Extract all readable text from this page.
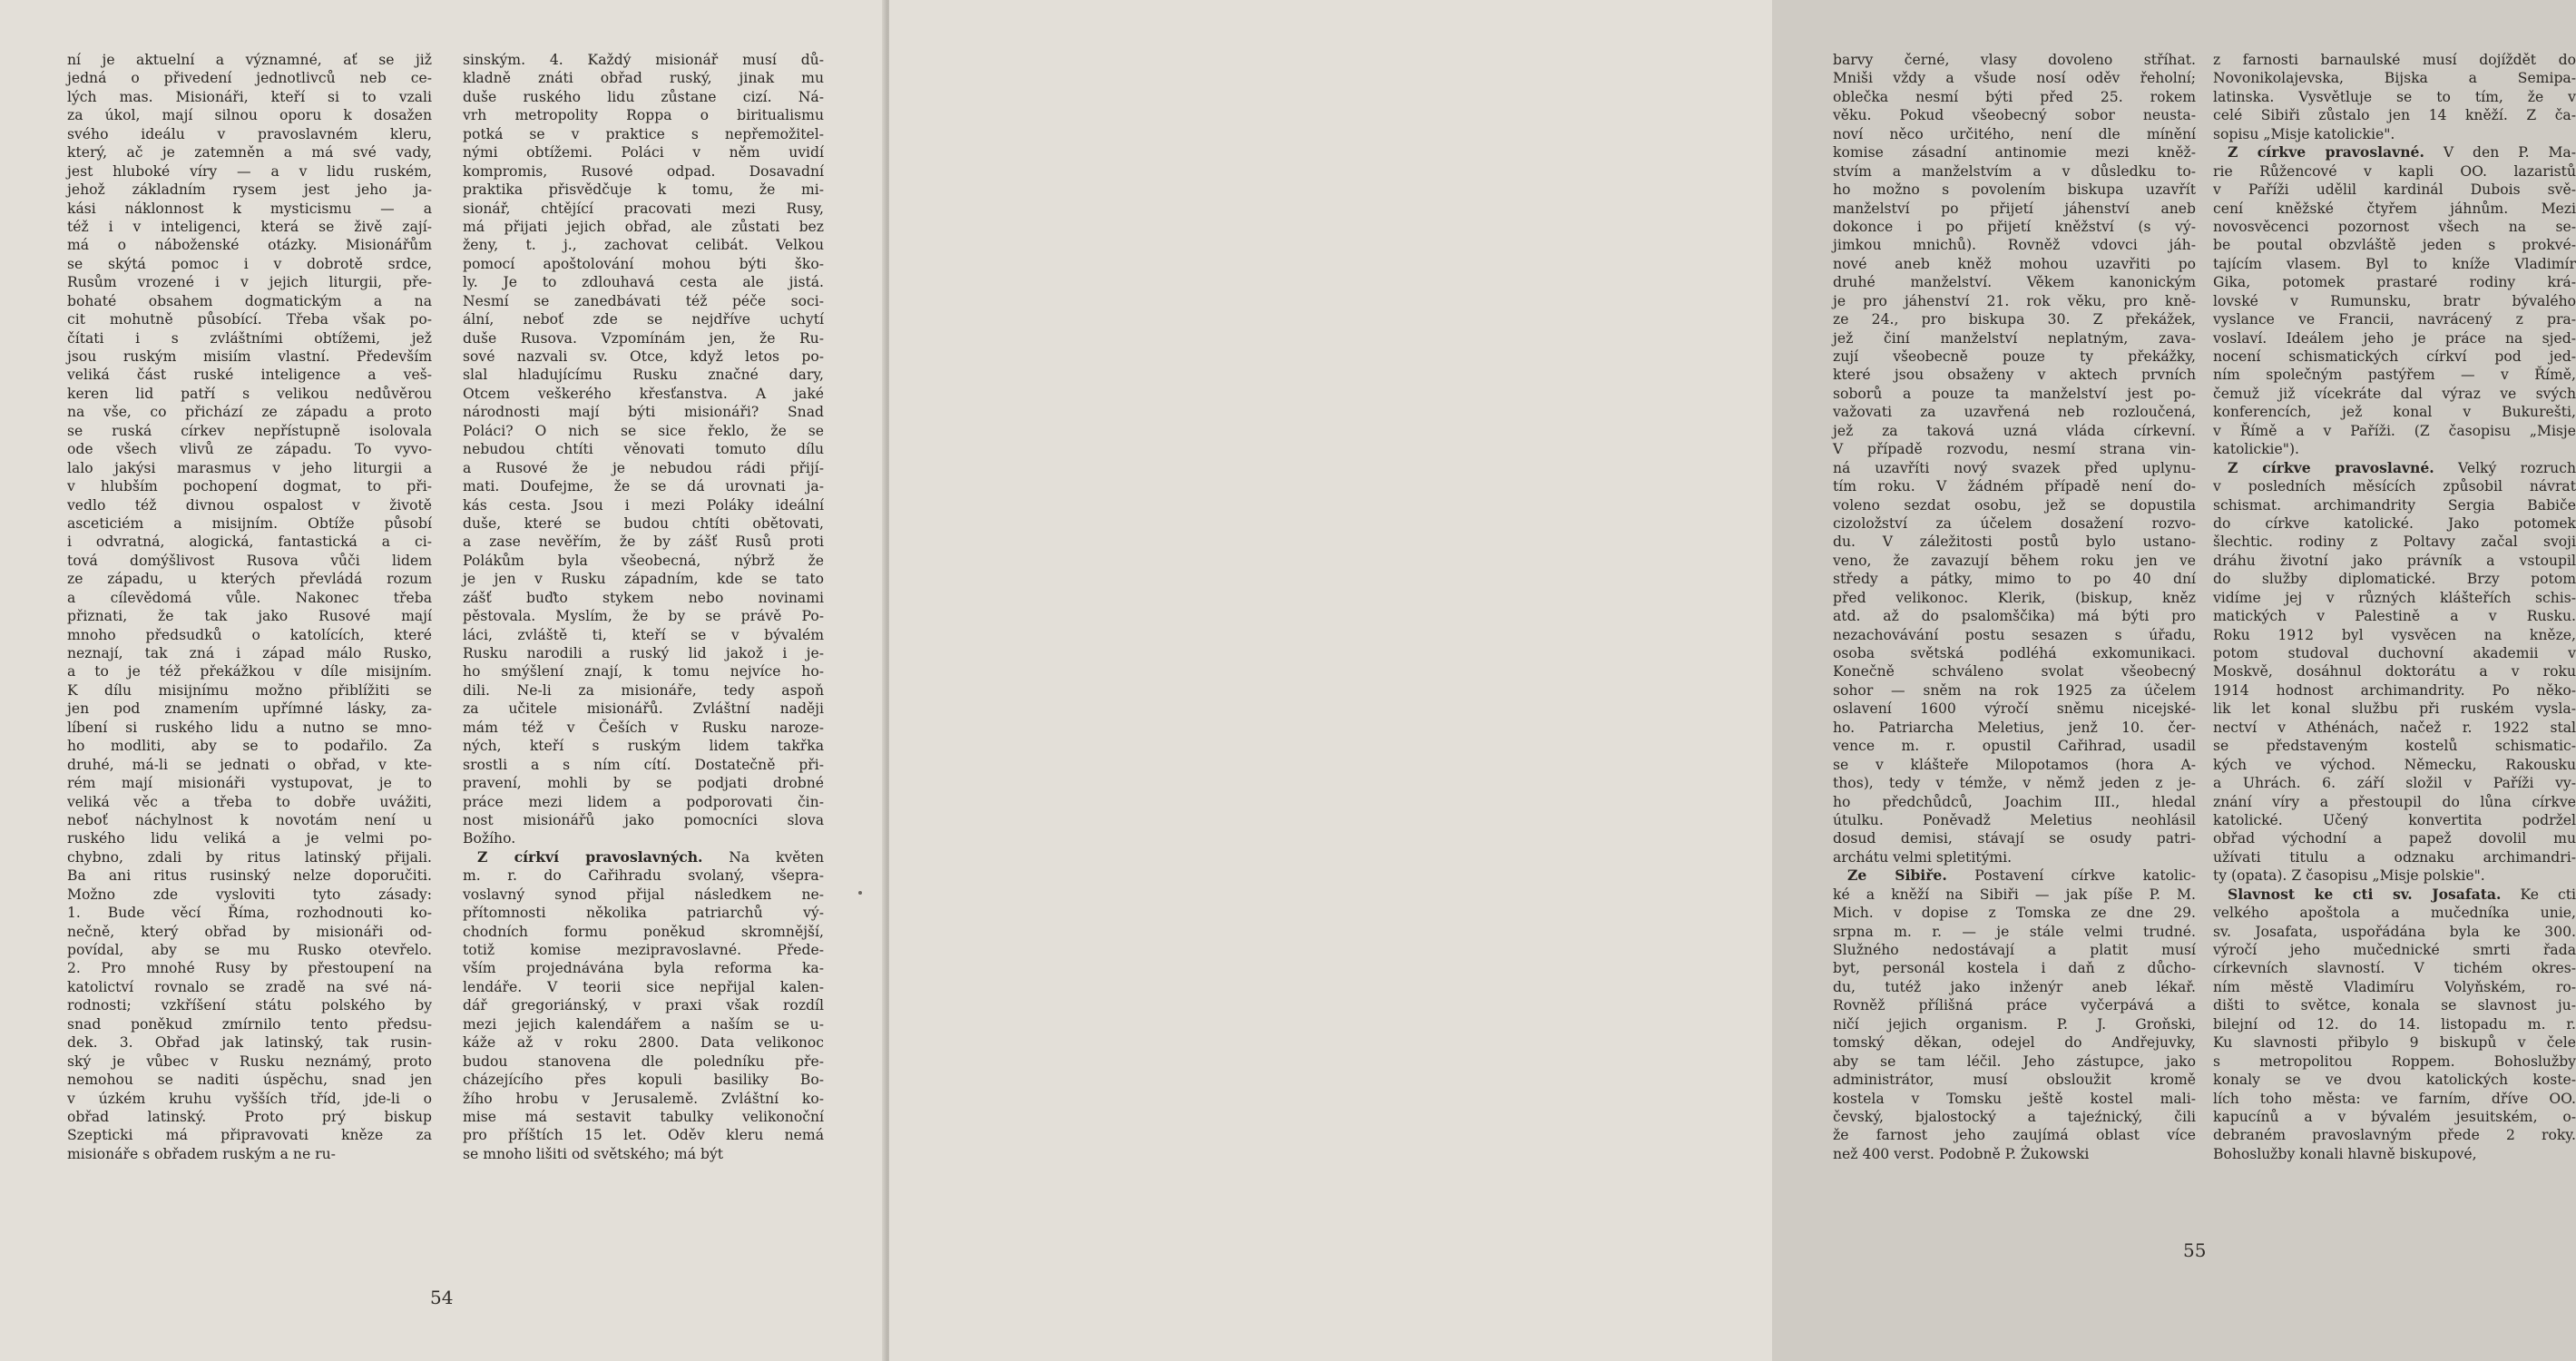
ní je aktuelní a významné, ať se již
jedná o přivedení jednotlivců neb ce-
lých mas. Misionáři, kteří si to vzali
za úkol, mají silnou oporu k dosažen
svého ideálu v pravoslavném kleru,
který, ač je zatemněn a má své vady,
jest hluboké víry — a v lidu ruském,
jehož základním rysem jest jeho ja-
kási náklonnost k mysticismu — a
též i v inteligenci, která se živě zají-
má o náboženské otázky. Misionářům
se skýtá pomoc i v dobrotě srdce,
Rusům vrozené i v jejich liturgii, pře-
bohaté obsahem dogmatickým a na
cit mohutně působící. Třeba však po-
čítati i s zvláštními obtížemi, jež
jsou ruským misiím vlastní. Především
veliká část ruské inteligence a veš-
keren lid patří s velikou nedůvěrou
na vše, co přichází ze západu a proto
se ruská církev nepřístupně isolovala
ode všech vlivů ze západu. To vyvo-
lalo jakýsi marasmus v jeho liturgii a
v hlubším pochopení dogmat, to při-
vedlo též divnou ospalost v životě
asceticiém a misijním. Obtíže působí
i odvratná, alogická, fantastická a ci-
tová domýšlivost Rusova vůči lidem
ze západu, u kterých převládá rozum
a cílevědomá vůle. Nakonec třeba
přiznati, že tak jako Rusové mají
mnoho předsudků o katolících, které
neznají, tak zná i západ málo Rusko,
a to je též překážkou v díle misijním.
K dílu misijnímu možno přiblížiti se
jen pod znamením upřímné lásky, za-
líbení si ruského lidu a nutno se mno-
ho modliti, aby se to podařilo. Za
druhé, má-li se jednati o obřad, v kte-
rém mají misionáři vystupovat, je to
veliká věc a třeba to dobře uvážiti,
neboť náchylnost k novotám není u
ruského lidu veliká a je velmi po-
chybno, zdali by ritus latinský přijali.
Ba ani ritus rusinský nelze doporučiti.
Možno zde vysloviti tyto zásady:
1. Bude věcí Říma, rozhodnouti ko-
nečně, který obřad by misionáři od-
povídal, aby se mu Rusko otevřelo.
2. Pro mnohé Rusy by přestoupení na
katolictví rovnalo se zradě na své ná-
rodnosti; vzkříšení státu polského by
snad poněkud zmírnilo tento předsu-
dek. 3. Obřad jak latinský, tak rusin-
ský je vůbec v Rusku neznámý, proto
nemohou se naditi úspěchu, snad jen
v úzkém kruhu vyšších tříd, jde-li o
obřad latinský. Proto prý biskup
Szepticki má připravovati kněze za
misionáře s obřadem ruským a ne ru-
sinským. 4. Každý misionář musí dů-
kladně znáti obřad ruský, jinak mu
duše ruského lidu zůstane cizí. Ná-
vrh metropolity Roppa o biritualismu
potká se v praktice s nepřemožitel-
nými obtížemi. Poláci v něm uvidí
kompromis, Rusové odpad. Dosavadní
praktika přisvědčuje k tomu, že mi-
sionář, chtějící pracovati mezi Rusy,
má přijati jejich obřad, ale zůstati bez
ženy, t. j., zachovat celibát. Velkou
pomocí apoštolování mohou býti ško-
ly. Je to zdlouhavá cesta ale jistá.
Nesmí se zanedbávati též péče soci-
ální, neboť zde se nejdříve uchytí
duše Rusova. Vzpomínám jen, že Ru-
sové nazvali sv. Otce, když letos po-
slal hladujícímu Rusku značné dary,
Otcem veškerého křesťanstva. A jaké
národnosti mají býti misionáři? Snad
Poláci? O nich se sice řeklo, že se
nebudou chtíti věnovati tomuto dílu
a Rusové že je nebudou rádi přijí-
mati. Doufejme, že se dá urovnati ja-
kás cesta. Jsou i mezi Poláky ideální
duše, které se budou chtíti obětovati,
a zase nevěřím, že by zášť Rusů proti
Polákům byla všeobecná, nýbrž že
je jen v Rusku západním, kde se tato
zášť buďto stykem nebo novinami
pěstovala. Myslím, že by se právě Po-
láci, zvláště ti, kteří se v bývalém
Rusku narodili a ruský lid jakož i je-
ho smýšlení znají, k tomu nejvíce ho-
dili. Ne-li za misionáře, tedy aspoň
za učitele misionářů. Zvláštní naději
mám též v Češích v Rusku naroze-
ných, kteří s ruským lidem takřka
srostli a s ním cítí. Dostatečně při-
pravení, mohli by se podjati drobné
práce mezi lidem a podporovati čin-
nost misionářů jako pomocníci slova
Božího.
Z církví pravoslavných. Na květen
m. r. do Cařihradu svolaný, všepra-
voslavný synod přijal následkem ne-
přítomnosti několika patriarchů vý-
chodních formu poněkud skromnější,
totiž komise mezipravoslavné. Přede-
vším projednávána byla reforma ka-
lendáře. V teorii sice nepřijal kalen-
dář gregoriánský, v praxi však rozdíl
mezi jejich kalendářem a naším se u-
káže až v roku 2800. Data velikonoc
budou stanovena dle poledníku pře-
cházejícího přes kopuli basiliky Bo-
žího hrobu v Jerusalemě. Zvláštní ko-
mise má sestavit tabulky velikonoční
pro příštích 15 let. Oděv kleru nemá
se mnoho lišiti od světského; má být
54
barvy černé, vlasy dovoleno stříhat.
Mniši vždy a všude nosí oděv řeholní;
oblečka nesmí býti před 25. rokem
věku. Pokud všeobecný sobor neusta-
noví něco určitého, není dle mínění
komise zásadní antinomie mezi kněž-
stvím a manželstvím a v důsledku to-
ho možno s povolením biskupa uzavřít
manželství po přijetí jáhenství aneb
dokonce i po přijetí kněžství (s vý-
jimkou mnichů). Rovněž vdovci jáh-
nové aneb kněž mohou uzavřiti po
druhé manželství. Věkem kanonickým
je pro jáhenství 21. rok věku, pro kně-
ze 24., pro biskupa 30. Z překážek,
jež činí manželství neplatným, zava-
zují všeobecně pouze ty překážky,
které jsou obsaženy v aktech prvních
soborů a pouze ta manželství jest po-
važovati za uzavřená neb rozloučená,
jež za taková uzná vláda církevní.
V případě rozvodu, nesmí strana vin-
ná uzavříti nový svazek před uplynu-
tím roku. V žádném případě není do-
voleno sezdat osobu, jež se dopustila
cizoložství za účelem dosažení rozvo-
du. V záležitosti postů bylo ustano-
veno, že zavazují během roku jen ve
středy a pátky, mimo to po 40 dní
před velikonoc. Klerik, (biskup, kněz
atd. až do psalomščika) má býti pro
nezachovávání postu sesazen s úřadu,
osoba světská podléhá exkomunikaci.
Konečně schváleno svolat všeobecný
sohor — sněm na rok 1925 za účelem
oslavení 1600 výročí sněmu nicejské-
ho. Patriarcha Meletius, jenž 10. čer-
vence m. r. opustil Cařihrad, usadil
se v klášteře Milopotamos (hora A-
thos), tedy v témže, v němž jeden z je-
ho předchůdců, Joachim III., hledal
útulku. Poněvadž Meletius neohlásil
dosud demisi, stávají se osudy patri-
archátu velmi spletitými.
Ze Sibiře. Postavení církve katolic-
ké a kněží na Sibiři — jak píše P. M.
Mich. v dopise z Tomska ze dne 29.
srpna m. r. — je stále velmi trudné.
Služného nedostávají a platit musí
byt, personál kostela i daň z důcho-
du, tutéž jako inženýr aneb lékař.
Rovněž přílišná práce vyčerpává a
ničí jejich organism. P. J. Groňski,
tomský děkan, odejel do Andřejuvky,
aby se tam léčil. Jeho zástupce, jako
administrátor, musí obsloužit kromě
kostela v Tomsku ještě kostel mali-
čevský, bjalostocký a tajeźnický, čili
že farnost jeho zaujímá oblast více
než 400 verst. Podobně P. Żukowski
z farnosti barnaulské musí dojíždět do
Novonikolajevska, Bijska a Semipa-
latinska. Vysvětluje se to tím, že v
celé Sibiři zůstalo jen 14 kněží. Z ča-
sopisu „Misje katolickie".
Z církve pravoslavné. V den P. Ma-
rie Růžencové v kapli OO. lazaristů
v Paříži udělil kardinál Dubois svě-
cení kněžské čtyřem jáhnům. Mezi
novosvěcenci pozornost všech na se-
be poutal obzvláště jeden s prokvé-
tajícím vlasem. Byl to kníže Vladimír
Gika, potomek prastaré rodiny krá-
lovské v Rumunsku, bratr bývalého
vyslance ve Francii, navrácený z pra-
voslaví. Ideálem jeho je práce na sjed-
nocení schismatických církví pod jed-
ním společným pastýřem — v Římě,
čemuž již vícekráte dal výraz ve svých
konferencích, jež konal v Bukurešti,
v Římě a v Paříži. (Z časopisu „Misje
katolickie").
Z církve pravoslavné. Velký rozruch
v posledních měsících způsobil návrat
schismat. archimandrity Sergia Babiče
do církve katolické. Jako potomek
šlechtic. rodiny z Poltavy začal svoji
dráhu životní jako právník a vstoupil
do služby diplomatické. Brzy potom
vidíme jej v různých klášteřích schis-
matických v Palestině a v Rusku.
Roku 1912 byl vysvěcen na kněze,
potom studoval duchovní akademii v
Moskvě, dosáhnul doktorátu a v roku
1914 hodnost archimandrity. Po něko-
lik let konal službu při ruském vysla-
nectví v Athénách, načež r. 1922 stal
se představeným kostelů schismatic-
kých ve východ. Německu, Rakousku
a Uhrách. 6. září složil v Paříži vy-
znání víry a přestoupil do lůna církve
katolické. Učený konvertita podržel
obřad východní a papež dovolil mu
užívati titulu a odznaku archimandri-
ty (opata). Z časopisu „Misje polskie".
Slavnost ke cti sv. Josafata. Ke cti
velkého apoštola a mučedníka unie,
sv. Josafata, uspořádána byla ke 300.
výročí jeho mučednické smrti řada
církevních slavností. V tichém okres-
ním městě Vladimíru Volyňském, ro-
dišti to světce, konala se slavnost ju-
bilejní od 12. do 14. listopadu m. r.
Ku slavnosti přibylo 9 biskupů v čele
s metropolitou Roppem. Bohoslužby
konaly se ve dvou katolických koste-
lích toho města: ve farním, dříve OO.
kapucínů a v bývalém jesuitském, o-
debraném pravoslavným předе 2 roky.
Bohoslužby konali hlavně biskupové,
55
